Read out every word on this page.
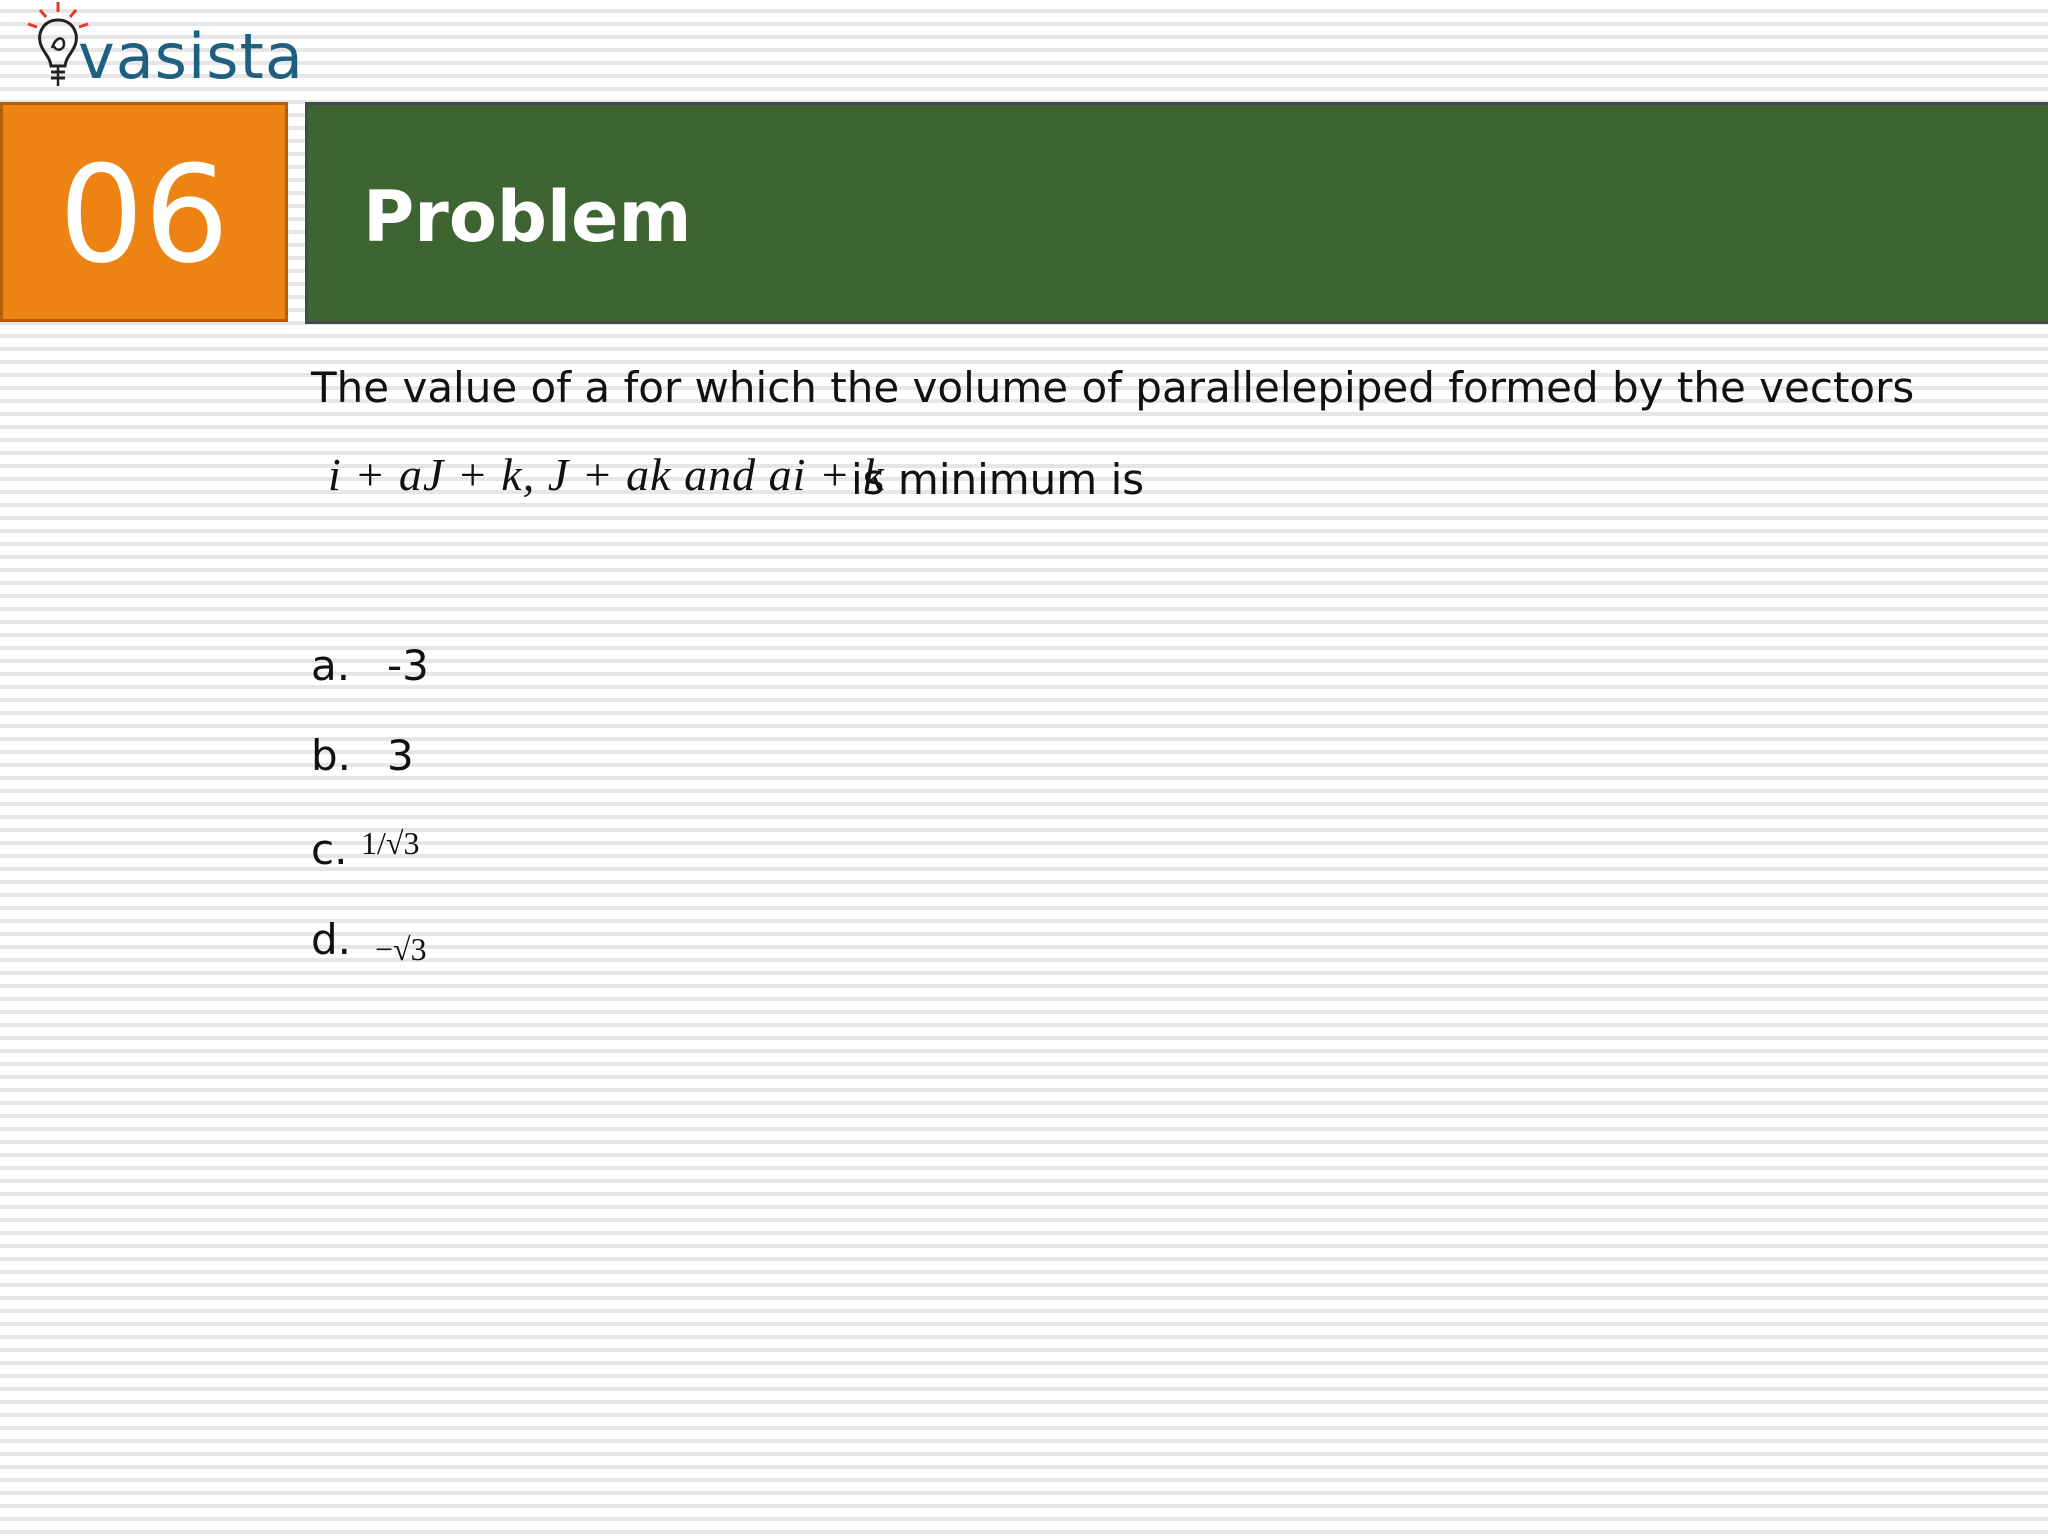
vasista
06 Problem
The value of a for which the volume of parallelepiped formed by the vectors
i + aJ + k, J + ak and ai + k
is minimum is
a. -3
b. 3
c. 1/√3
d. −√3
